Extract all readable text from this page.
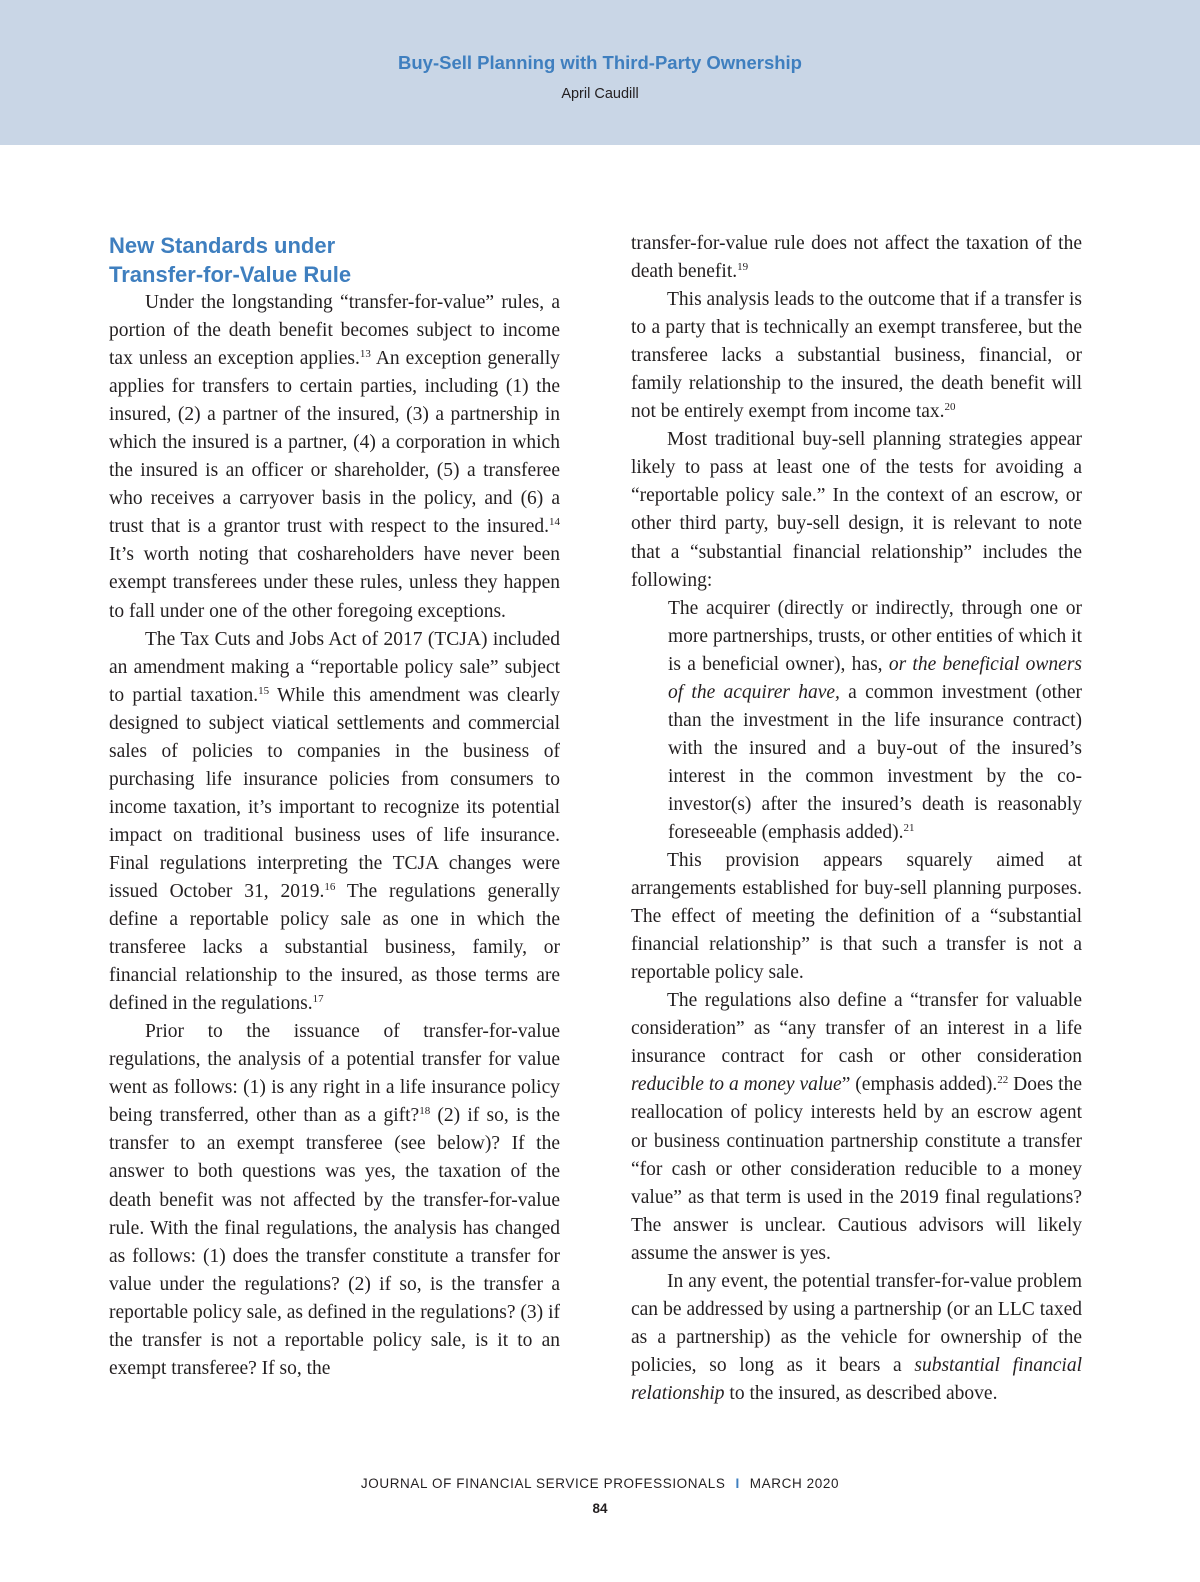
Buy-Sell Planning with Third-Party Ownership
April Caudill
New Standards under
Transfer-for-Value Rule

Under the longstanding “transfer-for-value” rules, a portion of the death benefit becomes subject to income tax unless an exception applies.$^{13}$ An exception generally applies for transfers to certain parties, including (1) the insured, (2) a partner of the insured, (3) a partnership in which the insured is a partner, (4) a corporation in which the insured is an officer or shareholder, (5) a transferee who receives a carryover basis in the policy, and (6) a trust that is a grantor trust with respect to the insured.$^{14}$ It’s worth noting that coshareholders have never been exempt transferees under these rules, unless they happen to fall under one of the other foregoing exceptions.

The Tax Cuts and Jobs Act of 2017 (TCJA) included an amendment making a “reportable policy sale” subject to partial taxation.$^{15}$ While this amendment was clearly designed to subject viatical settlements and commercial sales of policies to companies in the business of purchasing life insurance policies from consumers to income taxation, it’s important to recognize its potential impact on traditional business uses of life insurance. Final regulations interpreting the TCJA changes were issued October 31, 2019.16 The regulations generally define a reportable policy sale as one in which the transferee lacks a substantial business, family, or financial relationship to the insured, as those terms are defined in the regulations.$^{17}$

Prior to the issuance of transfer-for-value regulations, the analysis of a potential transfer for value went as follows: (1) is any right in a life insurance policy being transferred, other than as a gift?$^{18}$ (2) if so, is the transfer to an exempt transferee (see below)? If the answer to both questions was yes, the taxation of the death benefit was not affected by the transfer-for-value rule. With the final regulations, the analysis has changed as follows: (1) does the transfer constitute a transfer for value under the regulations? (2) if so, is the transfer a reportable policy sale, as defined in the regulations? (3) if the transfer is not a reportable policy sale, is it to an exempt transferee? If so, the

transfer-for-value rule does not affect the taxation of the death benefit.$^{19}$

This analysis leads to the outcome that if a transfer is to a party that is technically an exempt transferee, but the transferee lacks a substantial business, financial, or family relationship to the insured, the death benefit will not be entirely exempt from income tax.$^{20}$

Most traditional buy-sell planning strategies appear likely to pass at least one of the tests for avoiding a “reportable policy sale.” In the context of an escrow, or other third party, buy-sell design, it is relevant to note that a “substantial financial relationship” includes the following:

The acquirer (directly or indirectly, through one or more partnerships, trusts, or other entities of which it is a beneficial owner), has, or the beneficial owners of the acquirer have, a common investment (other than the investment in the life insurance contract) with the insured and a buy-out of the insured’s interest in the common investment by the co-investor(s) after the insured’s death is reasonably foreseeable (emphasis added).$^{21}$

This provision appears squarely aimed at arrangements established for buy-sell planning purposes. The effect of meeting the definition of a “substantial financial relationship” is that such a transfer is not a reportable policy sale.

The regulations also define a “transfer for valuable consideration” as “any transfer of an interest in a life insurance contract for cash or other consideration reducible to a money value” (emphasis added).$^{22}$ Does the reallocation of policy interests held by an escrow agent or business continuation partnership constitute a transfer “for cash or other consideration reducible to a money value” as that term is used in the 2019 final regulations? The answer is unclear. Cautious advisors will likely assume the answer is yes.

In any event, the potential transfer-for-value problem can be addressed by using a partnership (or an LLC taxed as a partnership) as the vehicle for ownership of the policies, so long as it bears a substantial financial relationship to the insured, as described above.

JOURNAL OF FINANCIAL SERVICE PROFESSIONALS I MARCH 2020
84
